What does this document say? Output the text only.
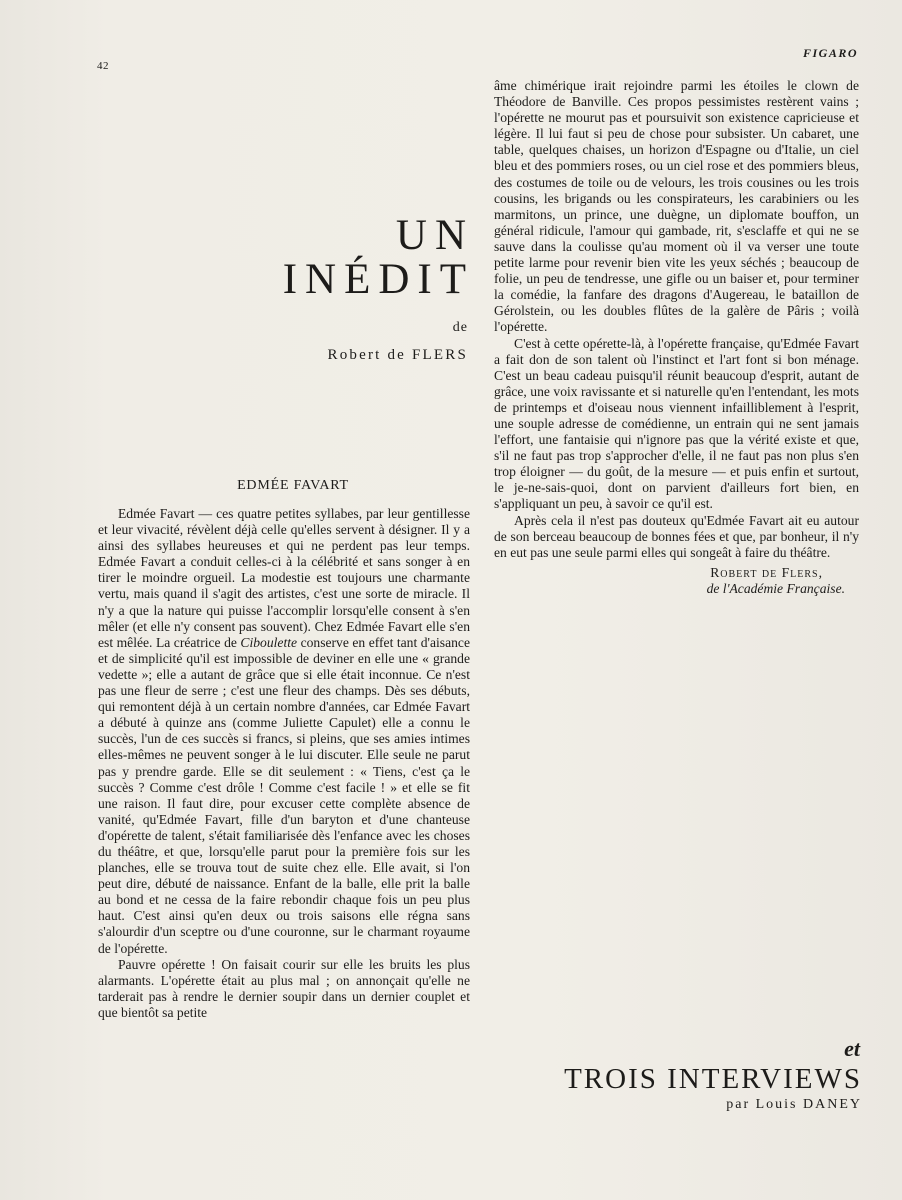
42
FIGARO
UN
INÉDIT
de
Robert de FLERS
EDMÉE FAVART

Edmée Favart — ces quatre petites syllabes, par leur gentillesse et leur vivacité, révèlent déjà celle qu'elles servent à désigner. Il y a ainsi des syllabes heureuses et qui ne perdent pas leur temps. Edmée Favart a conduit celles-ci à la célébrité et sans songer à en tirer le moindre orgueil. La modestie est toujours une charmante vertu, mais quand il s'agit des artistes, c'est une sorte de miracle. Il n'y a que la nature qui puisse l'accomplir lorsqu'elle consent à s'en mêler (et elle n'y consent pas souvent). Chez Edmée Favart elle s'en est mêlée. La créatrice de Ciboulette conserve en effet tant d'aisance et de simplicité qu'il est impossible de deviner en elle une « grande vedette »; elle a autant de grâce que si elle était inconnue. Ce n'est pas une fleur de serre ; c'est une fleur des champs. Dès ses débuts, qui remontent déjà à un certain nombre d'années, car Edmée Favart a débuté à quinze ans (comme Juliette Capulet) elle a connu le succès, l'un de ces succès si francs, si pleins, que ses amies intimes elles-mêmes ne peuvent songer à le lui discuter. Elle seule ne parut pas y prendre garde. Elle se dit seulement : « Tiens, c'est ça le succès ? Comme c'est drôle ! Comme c'est facile ! » et elle se fit une raison. Il faut dire, pour excuser cette complète absence de vanité, qu'Edmée Favart, fille d'un baryton et d'une chanteuse d'opérette de talent, s'était familiarisée dès l'enfance avec les choses du théâtre, et que, lorsqu'elle parut pour la première fois sur les planches, elle se trouva tout de suite chez elle. Elle avait, si l'on peut dire, débuté de naissance. Enfant de la balle, elle prit la balle au bond et ne cessa de la faire rebondir chaque fois un peu plus haut. C'est ainsi qu'en deux ou trois saisons elle régna sans s'alourdir d'un sceptre ou d'une couronne, sur le charmant royaume de l'opérette.

Pauvre opérette ! On faisait courir sur elle les bruits les plus alarmants. L'opérette était au plus mal ; on annonçait qu'elle ne tarderait pas à rendre le dernier soupir dans un dernier couplet et que bientôt sa petite

âme chimérique irait rejoindre parmi les étoiles le clown de Théodore de Banville. Ces propos pessimistes restèrent vains ; l'opérette ne mourut pas et poursuivit son existence capricieuse et légère. Il lui faut si peu de chose pour subsister. Un cabaret, une table, quelques chaises, un horizon d'Espagne ou d'Italie, un ciel bleu et des pommiers roses, ou un ciel rose et des pommiers bleus, des costumes de toile ou de velours, les trois cousines ou les trois cousins, les brigands ou les conspirateurs, les carabiniers ou les marmitons, un prince, une duègne, un diplomate bouffon, un général ridicule, l'amour qui gambade, rit, s'esclaffe et qui ne se sauve dans la coulisse qu'au moment où il va verser une toute petite larme pour revenir bien vite les yeux séchés ; beaucoup de folie, un peu de tendresse, une gifle ou un baiser et, pour terminer la comédie, la fanfare des dragons d'Augereau, le bataillon de Gérolstein, ou les doubles flûtes de la galère de Pâris ; voilà l'opérette.

C'est à cette opérette-là, à l'opérette française, qu'Edmée Favart a fait don de son talent où l'instinct et l'art font si bon ménage. C'est un beau cadeau puisqu'il réunit beaucoup d'esprit, autant de grâce, une voix ravissante et si naturelle qu'en l'entendant, les mots de printemps et d'oiseau nous viennent infailliblement à l'esprit, une souple adresse de comédienne, un entrain qui ne sent jamais l'effort, une fantaisie qui n'ignore pas que la vérité existe et que, s'il ne faut pas trop s'approcher d'elle, il ne faut pas non plus s'en trop éloigner — du goût, de la mesure — et puis enfin et surtout, le je-ne-sais-quoi, dont on parvient d'ailleurs fort bien, en s'appliquant un peu, à savoir ce qu'il est.

Après cela il n'est pas douteux qu'Edmée Favart ait eu autour de son berceau beaucoup de bonnes fées et que, par bonheur, il n'y en eut pas une seule parmi elles qui songeât à faire du théâtre.

Robert de Flers,
de l'Académie Française.
et
TROIS INTERVIEWS
par Louis DANEY
